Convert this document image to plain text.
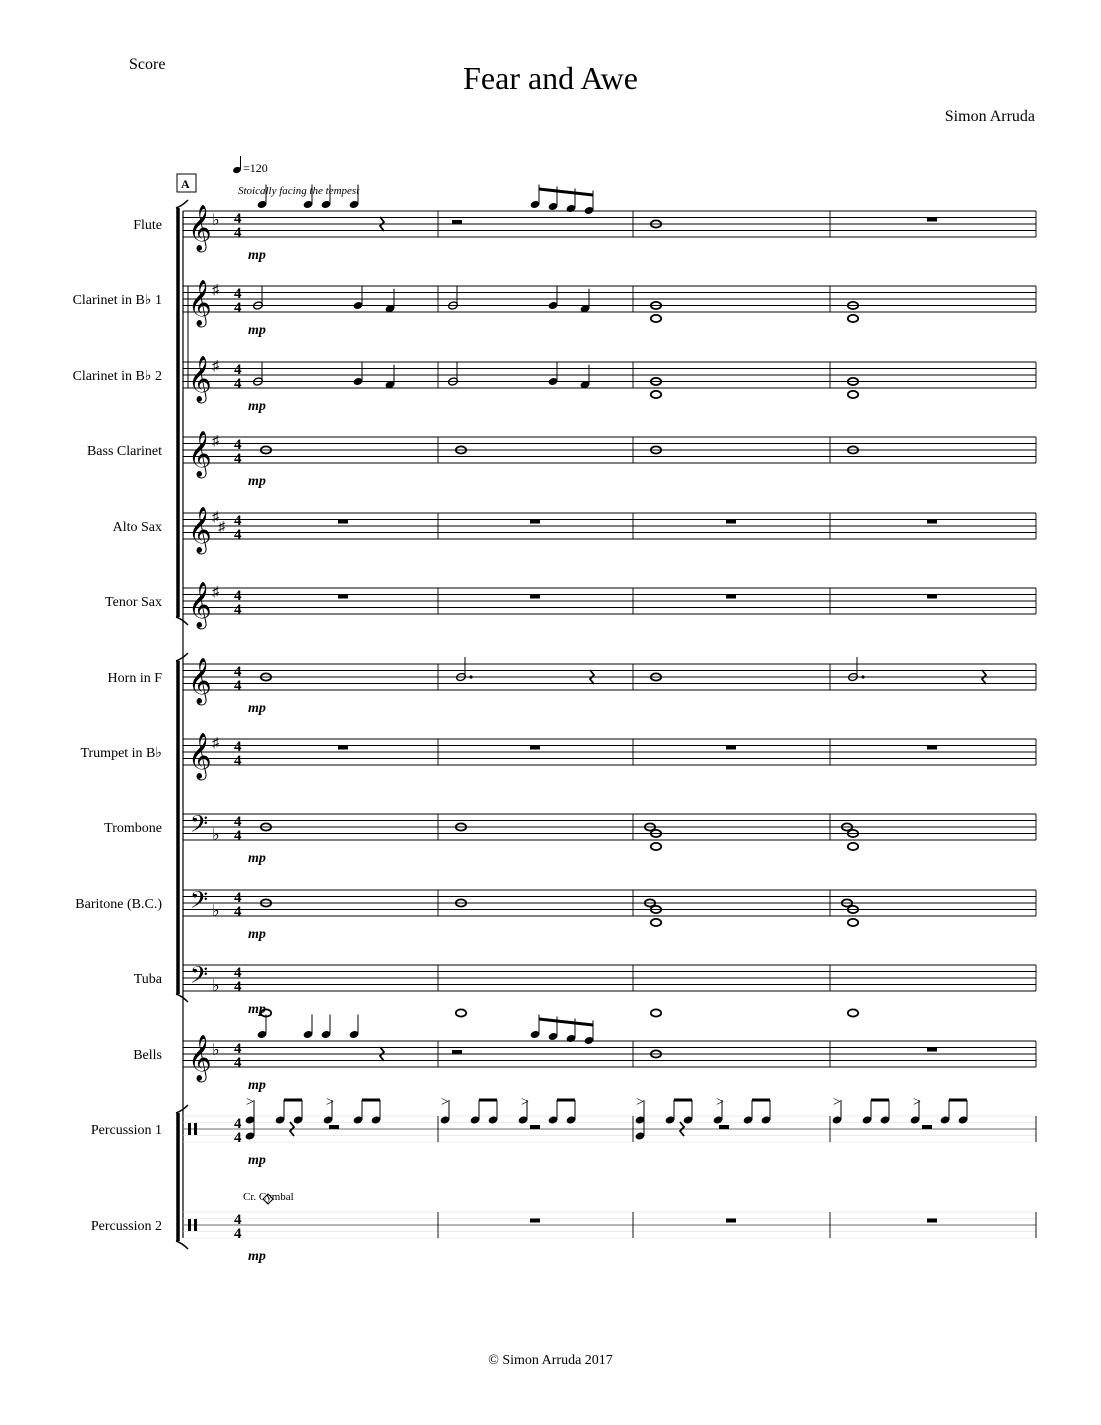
Score	Fear and Awe
Simon Arruda
=120
Stoically facing the tempest
A
Cr. Cymbal
Flute 𝄞 ♭ 4
4
mp
Clarinet in B♭ 1 𝄞 ♯ 4
4
mp
Clarinet in B♭ 2 𝄞 ♯ 4
4
mp
Bass Clarinet 𝄞 ♯ 4
4
mp
Alto Sax 𝄞 ♯
♯ 4
4
Tenor Sax 𝄞 ♯ 4
4
Horn in F 𝄞 4
4
mp
Trumpet in B♭ 𝄞 ♯ 4
4
Trombone 𝄢 ♭
4
4
mp
Baritone (B.C.) 𝄢 ♭
4
4
mp
Tuba 𝄢 ♭
4
4
mp
Bells 𝄞 ♭ 4
4
mp
Percussion 1	4
4
>	>
mp
>	>	>	>	>	>
Percussion 2	4
4
mp
© Simon Arruda 2017
